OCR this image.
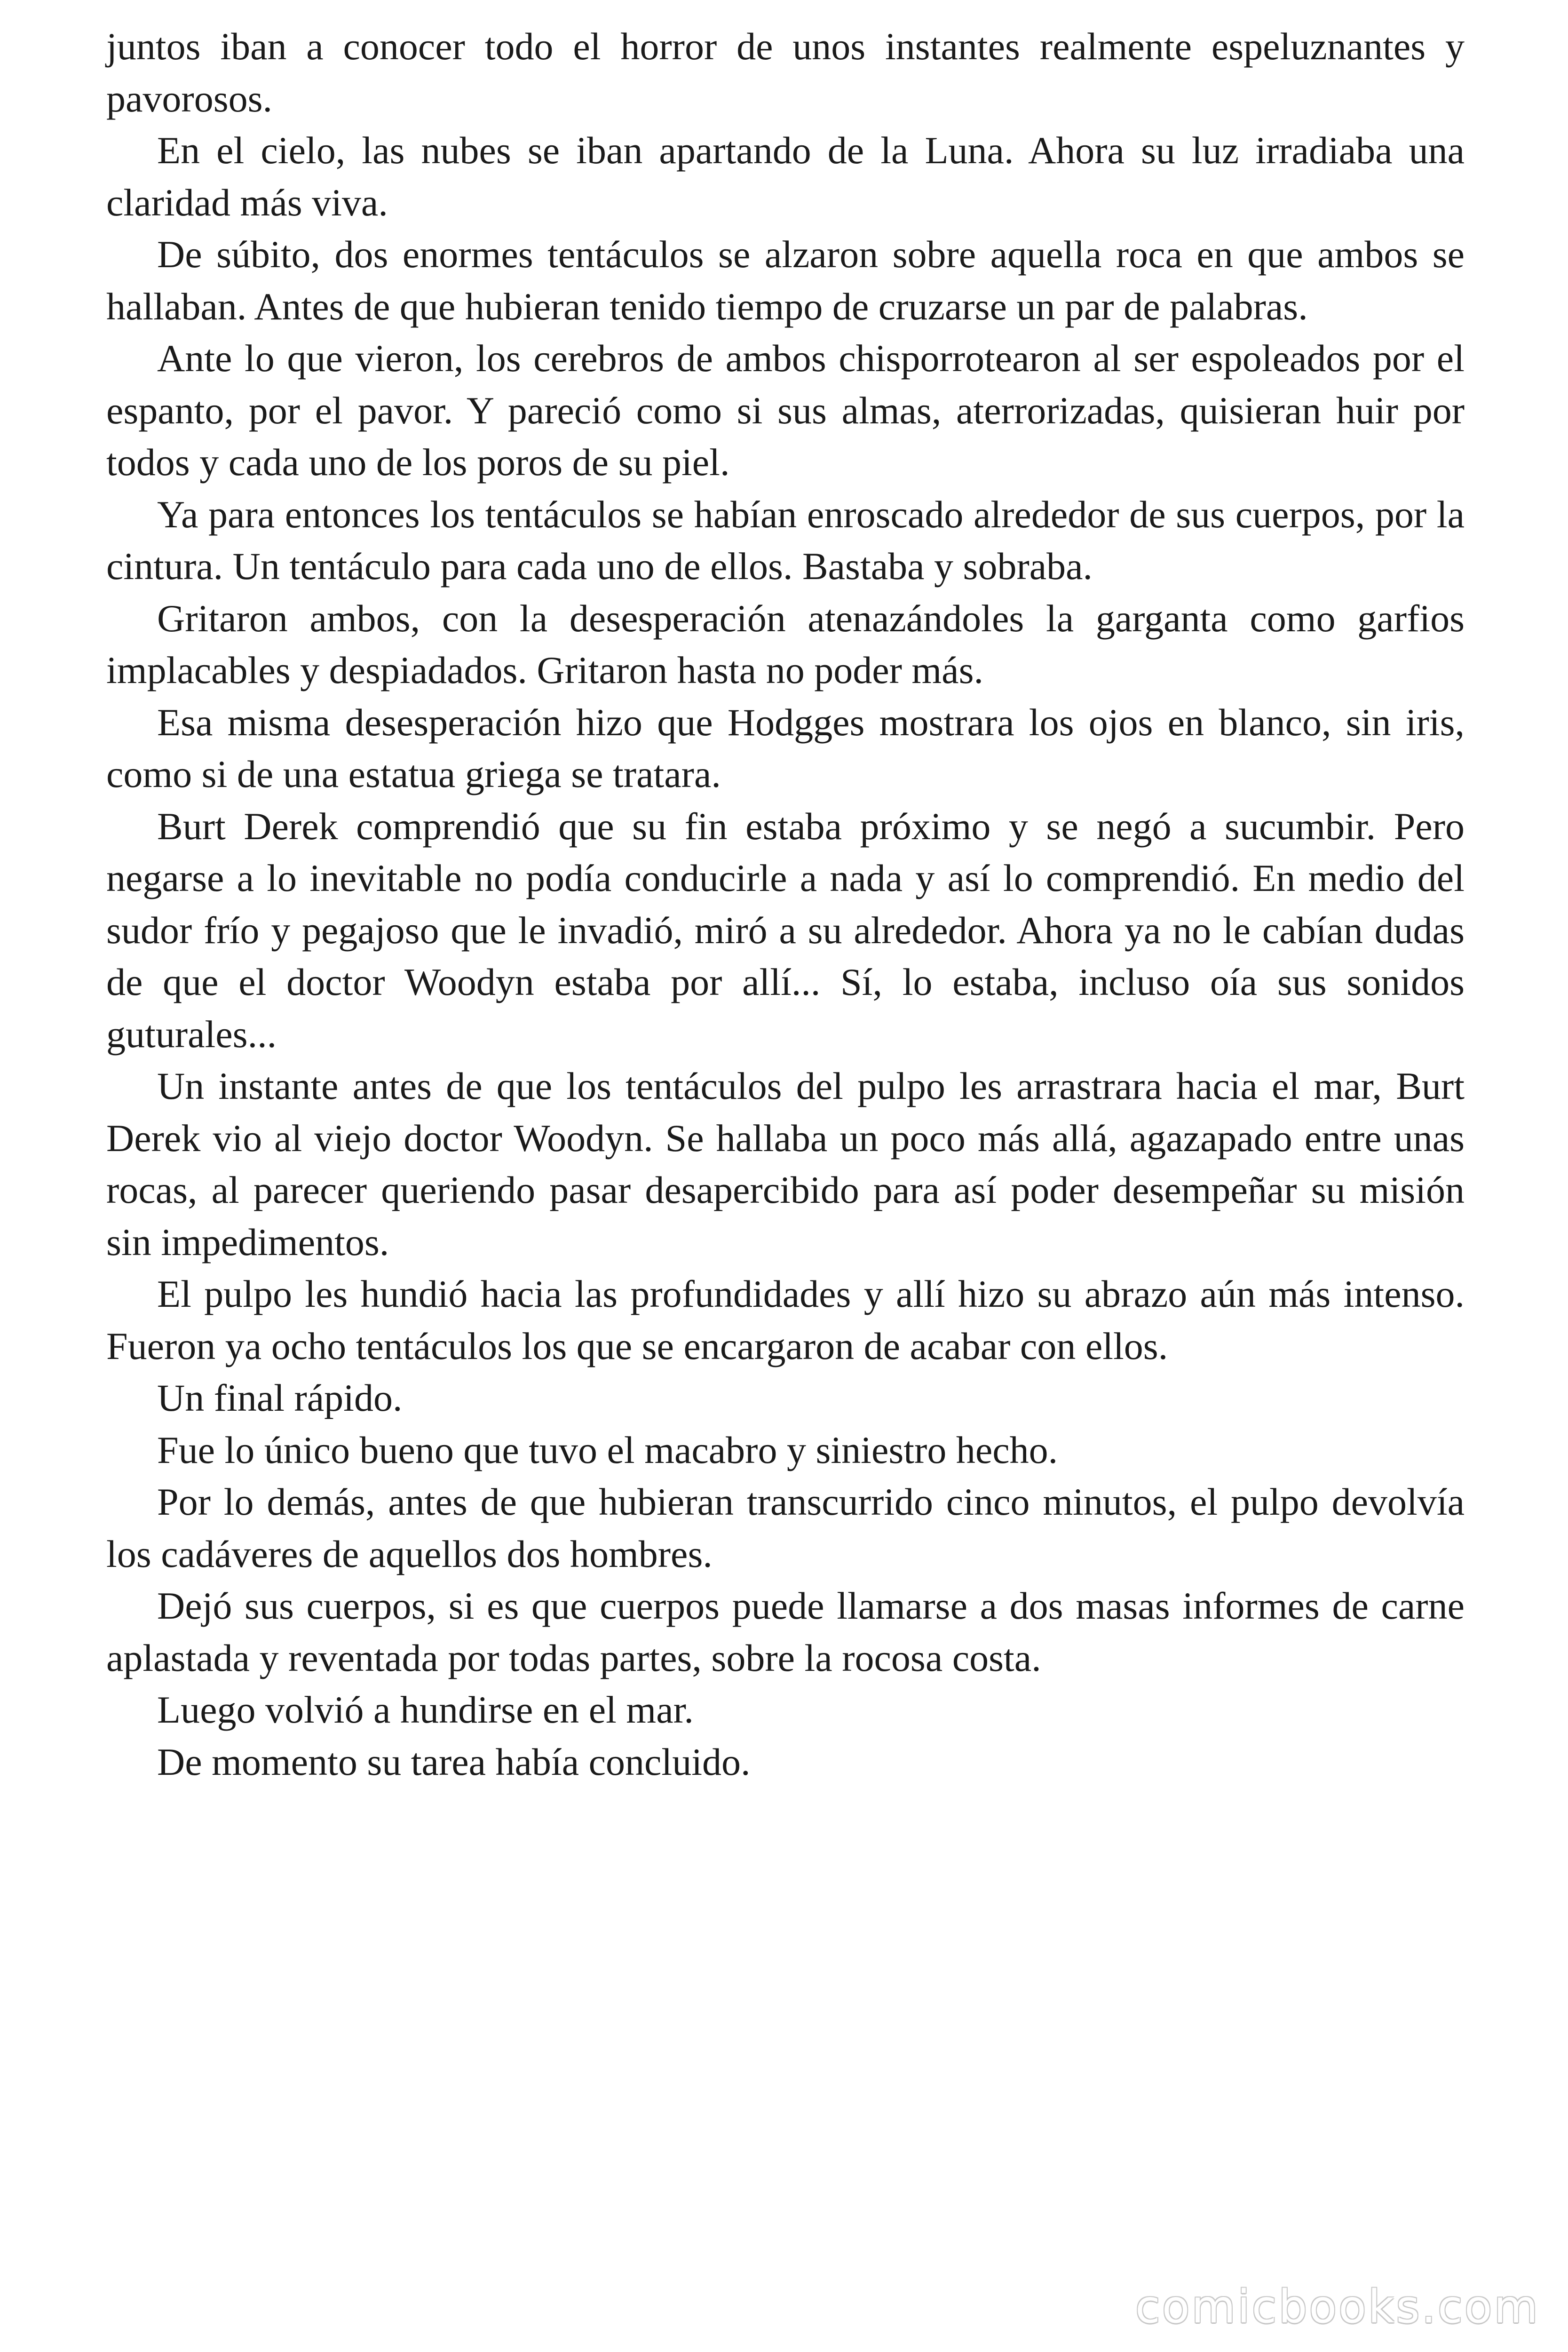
juntos iban a conocer todo el horror de unos instantes realmente espeluznantes y pavorosos.

En el cielo, las nubes se iban apartando de la Luna. Ahora su luz irradiaba una claridad más viva.

De súbito, dos enormes tentáculos se alzaron sobre aquella roca en que ambos se hallaban. Antes de que hubieran tenido tiempo de cruzarse un par de palabras.

Ante lo que vieron, los cerebros de ambos chisporrotearon al ser espoleados por el espanto, por el pavor. Y pareció como si sus almas, aterrorizadas, quisieran huir por todos y cada uno de los poros de su piel.

Ya para entonces los tentáculos se habían enroscado alrededor de sus cuerpos, por la cintura. Un tentáculo para cada uno de ellos. Bastaba y sobraba.

Gritaron ambos, con la desesperación atenazándoles la garganta como garfios implacables y despiadados. Gritaron hasta no poder más.

Esa misma desesperación hizo que Hodgges mostrara los ojos en blanco, sin iris, como si de una estatua griega se tratara.

Burt Derek comprendió que su fin estaba próximo y se negó a sucumbir. Pero negarse a lo inevitable no podía conducirle a nada y así lo comprendió. En medio del sudor frío y pegajoso que le invadió, miró a su alrededor. Ahora ya no le cabían dudas de que el doctor Woodyn estaba por allí... Sí, lo estaba, incluso oía sus sonidos guturales...

Un instante antes de que los tentáculos del pulpo les arrastrara hacia el mar, Burt Derek vio al viejo doctor Woodyn. Se hallaba un poco más allá, agazapado entre unas rocas, al parecer queriendo pasar desapercibido para así poder desempeñar su misión sin impedimentos.

El pulpo les hundió hacia las profundidades y allí hizo su abrazo aún más intenso. Fueron ya ocho tentáculos los que se encargaron de acabar con ellos.

Un final rápido.

Fue lo único bueno que tuvo el macabro y siniestro hecho.

Por lo demás, antes de que hubieran transcurrido cinco minutos, el pulpo devolvía los cadáveres de aquellos dos hombres.

Dejó sus cuerpos, si es que cuerpos puede llamarse a dos masas informes de carne aplastada y reventada por todas partes, sobre la rocosa costa.

Luego volvió a hundirse en el mar.

De momento su tarea había concluido.

comicbooks.com
